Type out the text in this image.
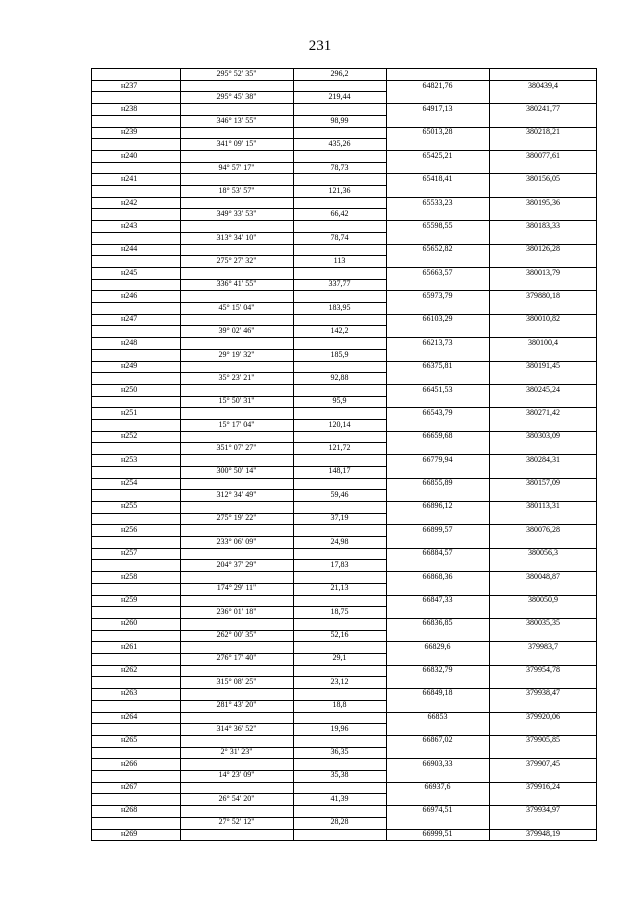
231
295° 52' 35"	296,2
н237	64821,76	380439,4
295° 45' 38"	219,44
н238	64917,13	380241,77
346° 13' 55"	98,99
н239	65013,28	380218,21
341° 09' 15"	435,26
н240	65425,21	380077,61
94° 57' 17"	78,73
н241	65418,41	380156,05
18° 53' 57"	121,36
н242	65533,23	380195,36
349° 33' 53"	66,42
н243	65598,55	380183,33
313° 34' 10"	78,74
н244	65652,82	380126,28
275° 27' 32"	113
н245	65663,57	380013,79
336° 41' 55"	337,77
н246	65973,79	379880,18
45° 15' 04"	183,95
н247	66103,29	380010,82
39° 02' 46"	142,2
н248	66213,73	380100,4
29° 19' 32"	185,9
н249	66375,81	380191,45
35° 23' 21"	92,88
н250	66451,53	380245,24
15° 50' 31"	95,9
н251	66543,79	380271,42
15° 17' 04"	120,14
н252	66659,68	380303,09
351° 07' 27"	121,72
н253	66779,94	380284,31
300° 50' 14"	148,17
н254	66855,89	380157,09
312° 34' 49"	59,46
н255	66896,12	380113,31
275° 19' 22"	37,19
н256	66899,57	380076,28
233° 06' 09"	24,98
н257	66884,57	380056,3
204° 37' 29"	17,83
н258	66868,36	380048,87
174° 29' 11"	21,13
н259	66847,33	380050,9
236° 01' 18"	18,75
н260	66836,85	380035,35
262° 00' 35"	52,16
н261	66829,6	379983,7
276° 17' 40"	29,1
н262	66832,79	379954,78
315° 08' 25"	23,12
н263	66849,18	379938,47
281° 43' 20"	18,8
н264	66853	379920,06
314° 36' 52"	19,96
н265	66867,02	379905,85
2° 31' 23"	36,35
н266	66903,33	379907,45
14° 23' 09"	35,38
н267	66937,6	379916,24
26° 54' 20"	41,39
н268	66974,51	379934,97
27° 52' 12"	28,28
н269	66999,51	379948,19
